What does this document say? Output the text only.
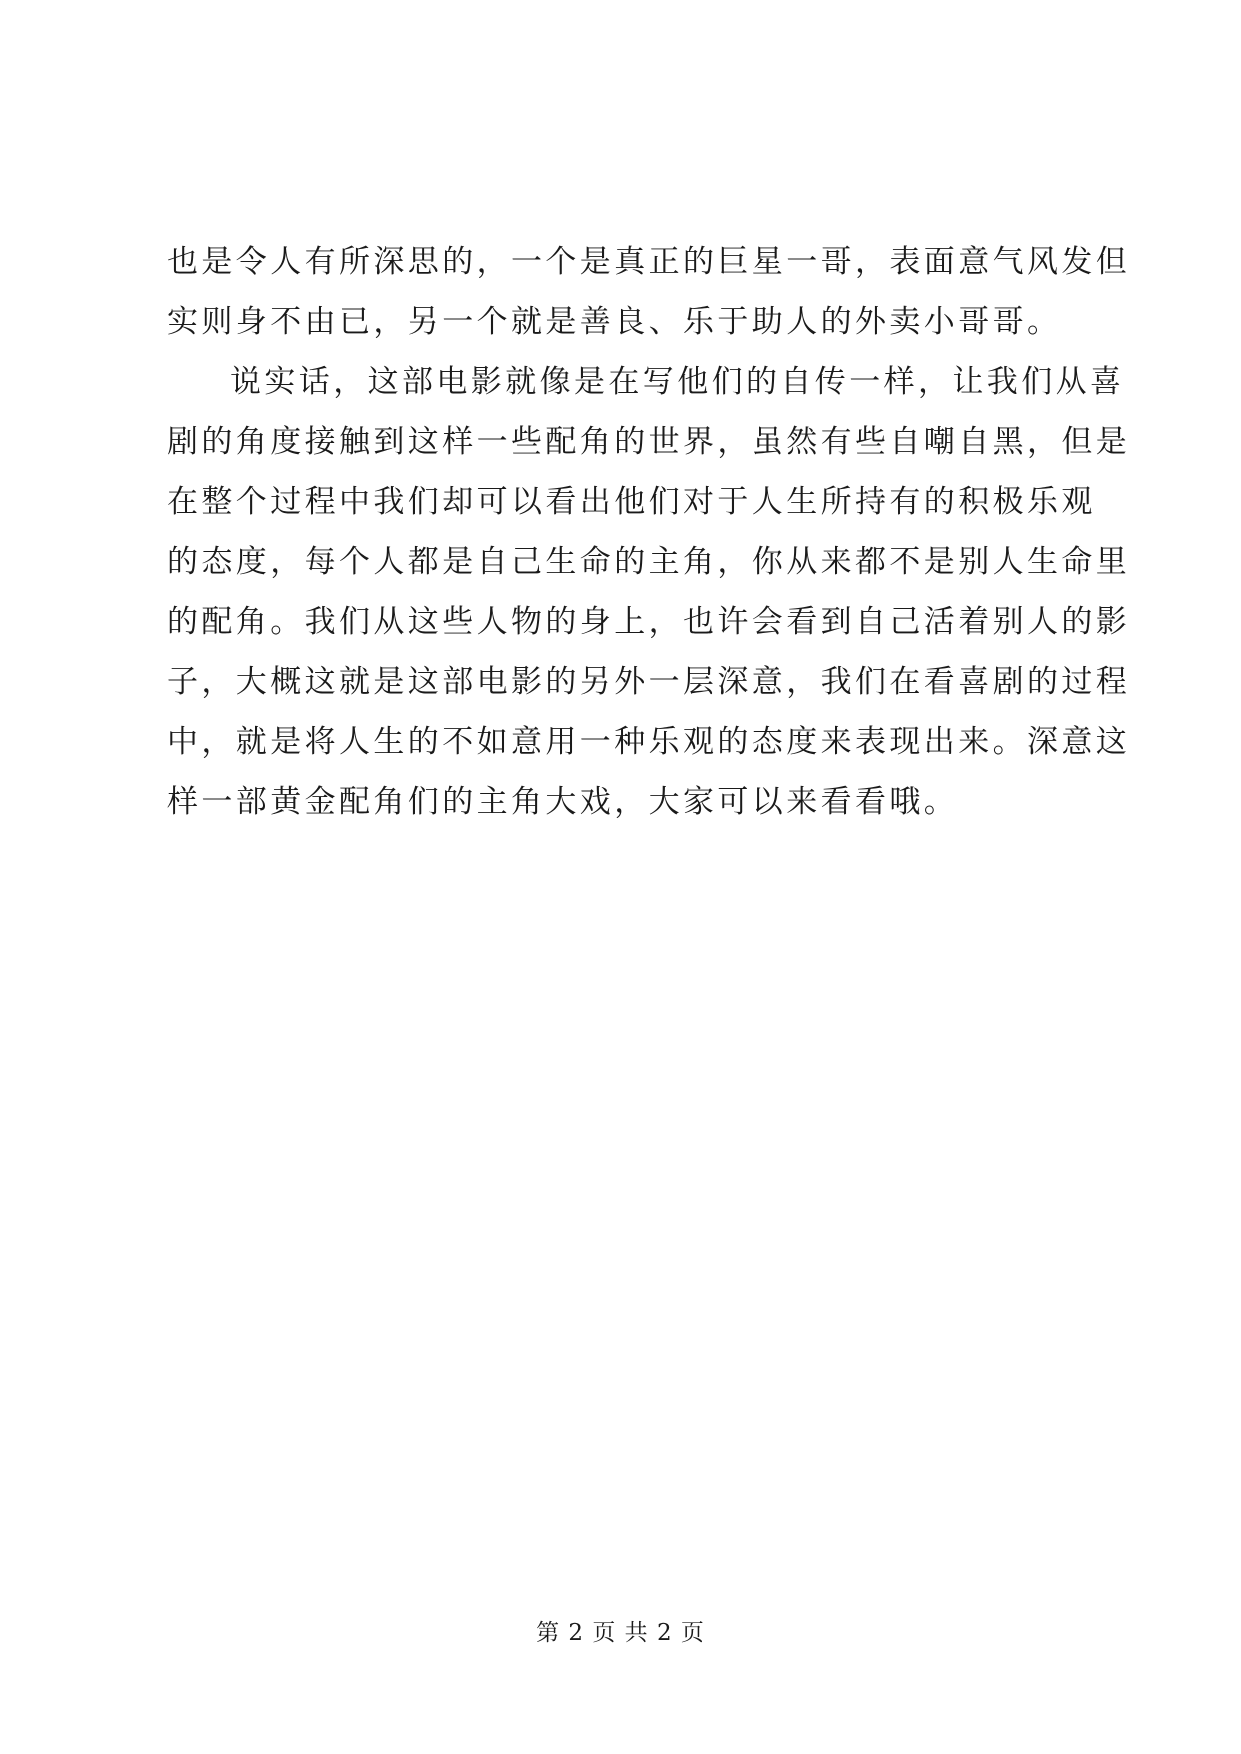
也是令人有所深思的，一个是真正的巨星一哥，表面意气风发但
实则身不由已，另一个就是善良、乐于助人的外卖小哥哥。
说实话，这部电影就像是在写他们的自传一样，让我们从喜
剧的角度接触到这样一些配角的世界，虽然有些自嘲自黑，但是
在整个过程中我们却可以看出他们对于人生所持有的积极乐观
的态度，每个人都是自己生命的主角，你从来都不是别人生命里
的配角。我们从这些人物的身上，也许会看到自己活着别人的影
子，大概这就是这部电影的另外一层深意，我们在看喜剧的过程
中，就是将人生的不如意用一种乐观的态度来表现出来。深意这
样一部黄金配角们的主角大戏，大家可以来看看哦。
第 2 页 共 2 页
